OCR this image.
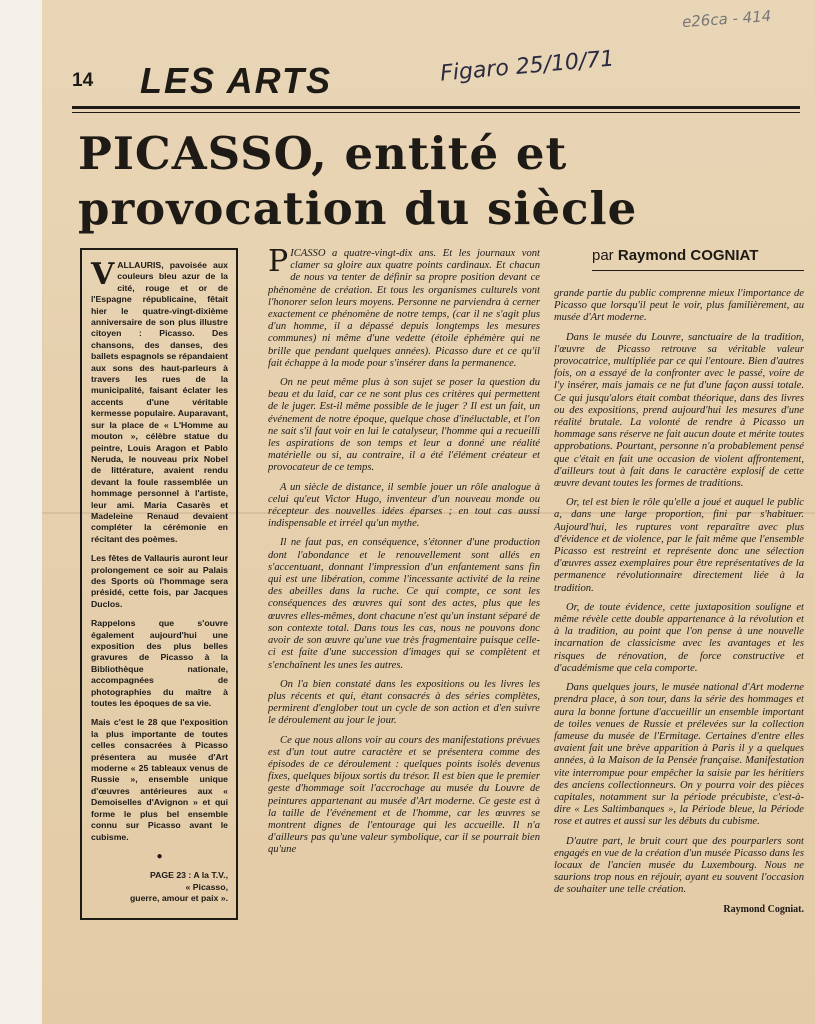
e26ca - 414
14 LES ARTS	Figaro 25/10/71
PICASSO, entité et
provocation du siècle
par Raymond COGNIAT

VALLAURIS, pavoisée aux couleurs bleu azur de la cité, rouge et or de l'Espagne républicaine, fêtait hier le quatre-vingt-dixième anniversaire de son plus illustre citoyen : Picasso. Des chansons, des danses, des ballets espagnols se répandaient aux sons des haut-parleurs à travers les rues de la municipalité, faisant éclater les accents d'une véritable kermesse populaire. Auparavant, sur la place de « L'Homme au mouton », célèbre statue du peintre, Louis Aragon et Pablo Neruda, le nouveau prix Nobel de littérature, avaient rendu devant la foule rassemblée un hommage personnel à l'artiste, leur ami. Maria Casarès et Madeleine Renaud devaient compléter la cérémonie en récitant des poèmes.

Les fêtes de Vallauris auront leur prolongement ce soir au Palais des Sports où l'hommage sera présidé, cette fois, par Jacques Duclos.

Rappelons que s'ouvre également aujourd'hui une exposition des plus belles gravures de Picasso à la Bibliothèque nationale, accompagnées de photographies du maître à toutes les époques de sa vie.

Mais c'est le 28 que l'exposition la plus importante de toutes celles consacrées à Picasso présentera au musée d'Art moderne « 25 tableaux venus de Russie », ensemble unique d'œuvres antérieures aux « Demoiselles d'Avignon » et qui forme le plus bel ensemble connu sur Picasso avant le cubisme.

●

PAGE 23 : A la T.V.,
« Picasso,
guerre, amour et paix ».

PICASSO a quatre-vingt-dix ans. Et les journaux vont clamer sa gloire aux quatre points cardinaux. Et chacun de nous va tenter de définir sa propre position devant ce phénomène de création. Et tous les organismes culturels vont l'honorer selon leurs moyens. Personne ne parviendra à cerner exactement ce phénomène de notre temps, (car il ne s'agit plus d'un homme, il a dépassé depuis longtemps les mesures communes) ni même d'une vedette (étoile éphémère qui ne brille que pendant quelques années). Picasso dure et ce qu'il fait échappe à la mode pour s'insérer dans la permanence.

On ne peut même plus à son sujet se poser la question du beau et du laid, car ce ne sont plus ces critères qui permettent de le juger. Est-il même possible de le juger ? Il est un fait, un événement de notre époque, quelque chose d'inéluctable, et l'on ne sait s'il faut voir en lui le catalyseur, l'homme qui a recueilli les aspirations de son temps et leur a donné une réalité matérielle ou si, au contraire, il a été l'élément créateur et provocateur de ce temps.

A un siècle de distance, il semble jouer un rôle analogue à celui qu'eut Victor Hugo, inventeur d'un nouveau monde ou récepteur des nouvelles idées éparses ; en tout cas aussi indispensable et irréel qu'un mythe.

Il ne faut pas, en conséquence, s'étonner d'une production dont l'abondance et le renouvellement sont allés en s'accentuant, donnant l'impression d'un enfantement sans fin qui est une libération, comme l'incessante activité de la reine des abeilles dans la ruche. Ce qui compte, ce sont les conséquences des œuvres qui sont des actes, plus que les œuvres elles-mêmes, dont chacune n'est qu'un instant séparé de son contexte total. Dans tous les cas, nous ne pouvons donc avoir de son œuvre qu'une vue très fragmentaire puisque celle-ci est faite d'une succession d'images qui se complètent et s'enchaînent les unes les autres.

On l'a bien constaté dans les expositions ou les livres les plus récents et qui, étant consacrés à des séries complètes, permirent d'englober tout un cycle de son action et d'en suivre le déroulement au jour le jour.

Ce que nous allons voir au cours des manifestations prévues est d'un tout autre caractère et se présentera comme des épisodes de ce déroulement : quelques points isolés devenus fixes, quelques bijoux sortis du trésor. Il est bien que le premier geste d'hommage soit l'accrochage au musée du Louvre de peintures appartenant au musée d'Art moderne. Ce geste est à la taille de l'événement et de l'homme, car les œuvres se montrent dignes de l'entourage qui les accueille. Il n'a d'ailleurs pas qu'une valeur symbolique, car il se pourrait bien qu'une

grande partie du public comprenne mieux l'importance de Picasso que lorsqu'il peut le voir, plus familièrement, au musée d'Art moderne.

Dans le musée du Louvre, sanctuaire de la tradition, l'œuvre de Picasso retrouve sa véritable valeur provocatrice, multipliée par ce qui l'entoure. Bien d'autres fois, on a essayé de la confronter avec le passé, voire de l'y insérer, mais jamais ce ne fut d'une façon aussi totale. Ce qui jusqu'alors était combat théorique, dans des livres ou des expositions, prend aujourd'hui les mesures d'une réalité brutale. La volonté de rendre à Picasso un hommage sans réserve ne fait aucun doute et mérite toutes approbations. Pourtant, personne n'a probablement pensé que c'était en fait une occasion de violent affrontement, d'ailleurs tout à fait dans le caractère explosif de cette œuvre devant toutes les formes de traditions.

Or, tel est bien le rôle qu'elle a joué et auquel le public a, dans une large proportion, fini par s'habituer. Aujourd'hui, les ruptures vont reparaître avec plus d'évidence et de violence, par le fait même que l'ensemble Picasso est restreint et représente donc une sélection d'œuvres assez exemplaires pour être représentatives de la permanence révolutionnaire directement liée à la tradition.

Or, de toute évidence, cette juxtaposition souligne et même révèle cette double appartenance à la révolution et à la tradition, au point que l'on pense à une nouvelle incarnation de classicisme avec les avantages et les risques de rénovation, de force constructive et d'académisme que cela comporte.

Dans quelques jours, le musée national d'Art moderne prendra place, à son tour, dans la série des hommages et aura la bonne fortune d'accueillir un ensemble important de toiles venues de Russie et prélevées sur la collection fameuse du musée de l'Ermitage. Certaines d'entre elles avaient fait une brève apparition à Paris il y a quelques années, à la Maison de la Pensée française. Manifestation vite interrompue pour empêcher la saisie par les héritiers des anciens collectionneurs. On y pourra voir des pièces capitales, notamment sur la période précubiste, c'est-à-dire « Les Saltimbanques », la Période bleue, la Période rose et autres et aussi sur les débuts du cubisme.

D'autre part, le bruit court que des pourparlers sont engagés en vue de la création d'un musée Picasso dans les locaux de l'ancien musée du Luxembourg. Nous ne saurions trop nous en réjouir, ayant eu souvent l'occasion de souhaiter une telle création.

Raymond Cogniat.
